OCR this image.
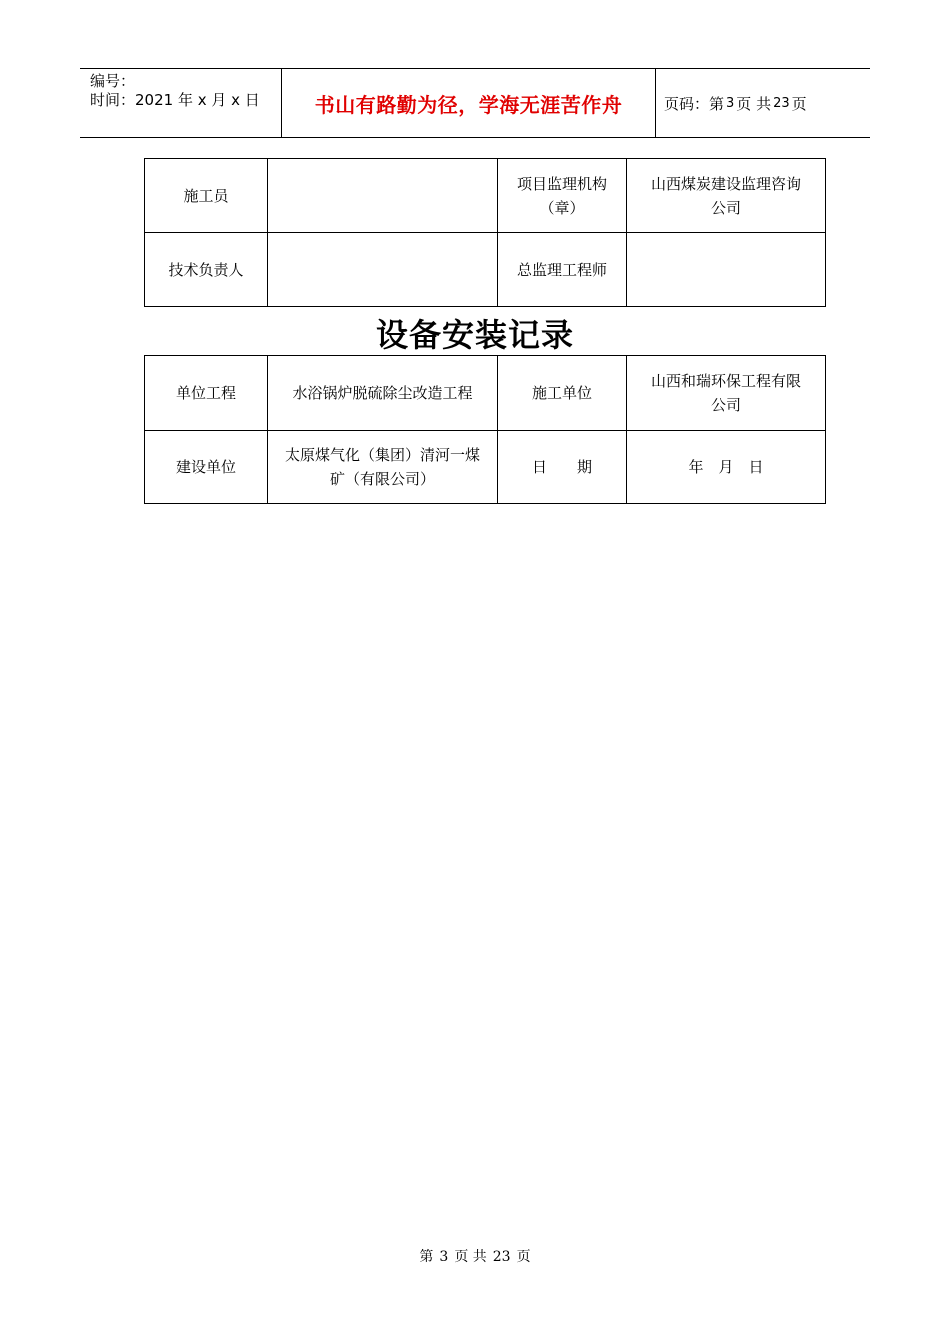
编号：
时间：2021 年 x 月 x 日	书山有路勤为径，学海无涯苦作舟	页码：第 3 页 共 23 页
施工员		项目监理机构（章）	山西煤炭建设监理咨询公司
技术负责人		总监理工程师	
设备安装记录
单位工程	水浴锅炉脱硫除尘改造工程	施工单位	山西和瑞环保工程有限公司
建设单位	太原煤气化（集团）清河一煤矿（有限公司）	日　　期	年　月　日
第 3 页 共 23 页
